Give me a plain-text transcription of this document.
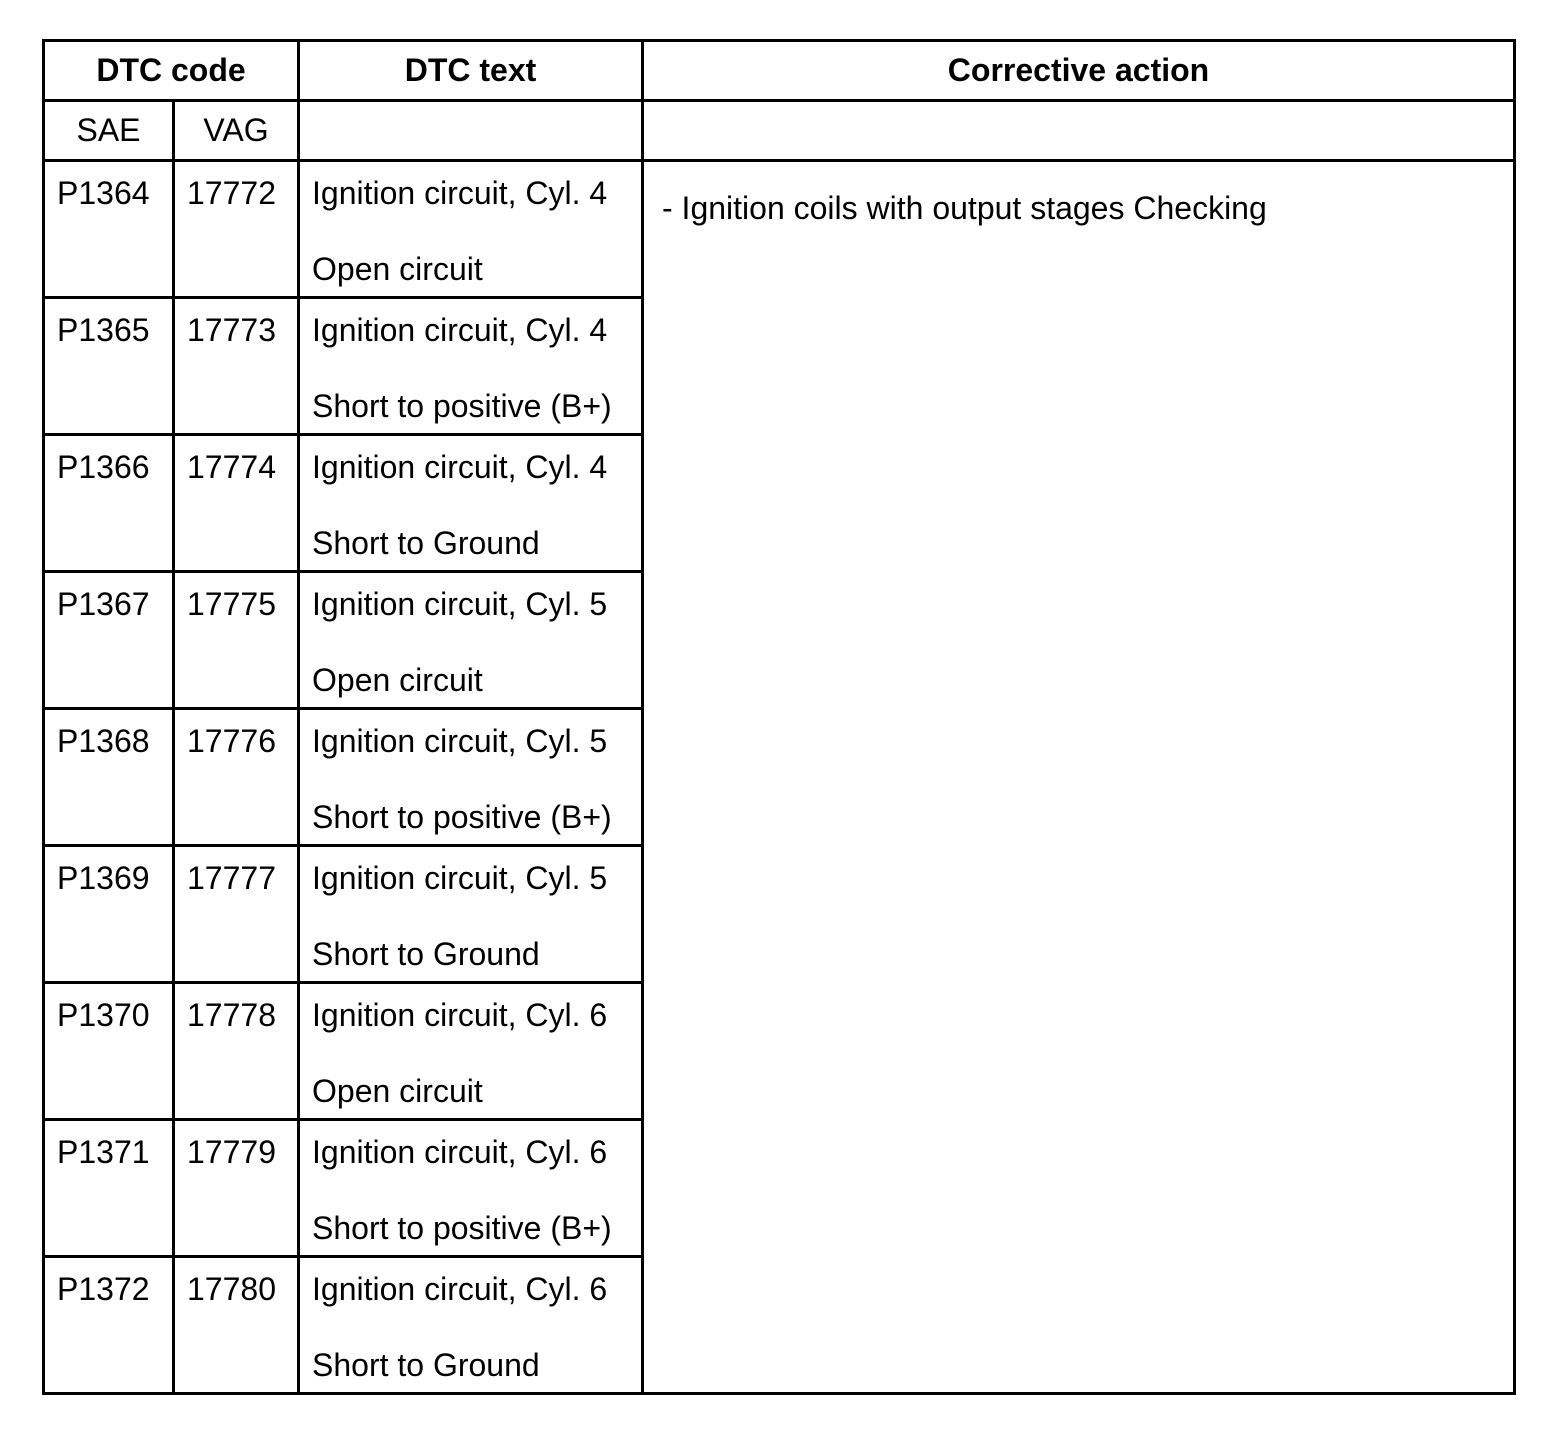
DTC code		DTC text	Corrective action
SAE	VAG		

P1364	17772	Ignition circuit, Cyl. 4
Open circuit	- Ignition coils with output stages Checking

P1365	17773	Ignition circuit, Cyl. 4
Short to positive (B+)	

P1366	17774	Ignition circuit, Cyl. 4
Short to Ground	

P1367	17775	Ignition circuit, Cyl. 5
Open circuit	

P1368	17776	Ignition circuit, Cyl. 5
Short to positive (B+)	

P1369	17777	Ignition circuit, Cyl. 5
Short to Ground	

P1370	17778	Ignition circuit, Cyl. 6
Open circuit	

P1371	17779	Ignition circuit, Cyl. 6
Short to positive (B+)	

P1372	17780	Ignition circuit, Cyl. 6
Short to Ground	
